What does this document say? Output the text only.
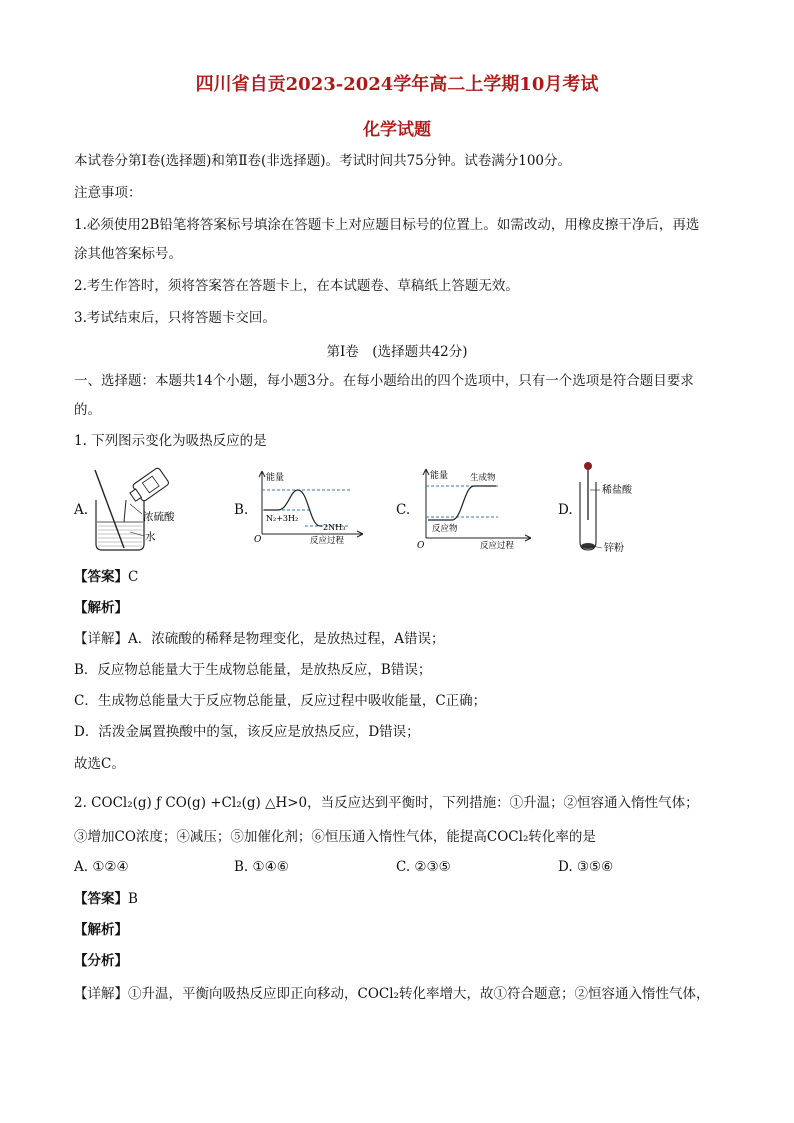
四川省自贡2023-2024学年高二上学期10月考试
化学试题
本试卷分第Ⅰ卷(选择题)和第Ⅱ卷(非选择题)。考试时间共75分钟。试卷满分100分。
注意事项：
1.必须使用2B铅笔将答案标号填涂在答题卡上对应题目标号的位置上。如需改动，用橡皮擦干净后，再选
涂其他答案标号。
2.考生作答时，须将答案答在答题卡上，在本试题卷、草稿纸上答题无效。
3.考试结束后，只将答题卡交回。
第Ⅰ卷　(选择题共42分)
一、选择题：本题共14个小题，每小题3分。在每小题给出的四个选项中，只有一个选项是符合题目要求
的。
1. 下列图示变化为吸热反应的是
A.	B.	C.	D.
浓硫酸
水
能量
O	反应过程
N₂+3H₂
2NH₃
能量
O	反应过程
生成物
反应物
稀盐酸
锌粉
【答案】C
【解析】
【详解】A．浓硫酸的稀释是物理变化，是放热过程，A错误；
B．反应物总能量大于生成物总能量，是放热反应，B错误；
C．生成物总能量大于反应物总能量，反应过程中吸收能量，C正确；
D．活泼金属置换酸中的氢，该反应是放热反应，D错误；
故选C。
2. COCl₂(g) ƒ CO(g) +Cl₂(g) △H>0，当反应达到平衡时，下列措施：①升温；②恒容通入惰性气体；
③增加CO浓度；④减压；⑤加催化剂；⑥恒压通入惰性气体，能提高COCl₂转化率的是
A. ①②④	B. ①④⑥	C. ②③⑤	D. ③⑤⑥
【答案】B
【解析】
【分析】
【详解】①升温，平衡向吸热反应即正向移动，COCl₂转化率增大，故①符合题意；②恒容通入惰性气体，
